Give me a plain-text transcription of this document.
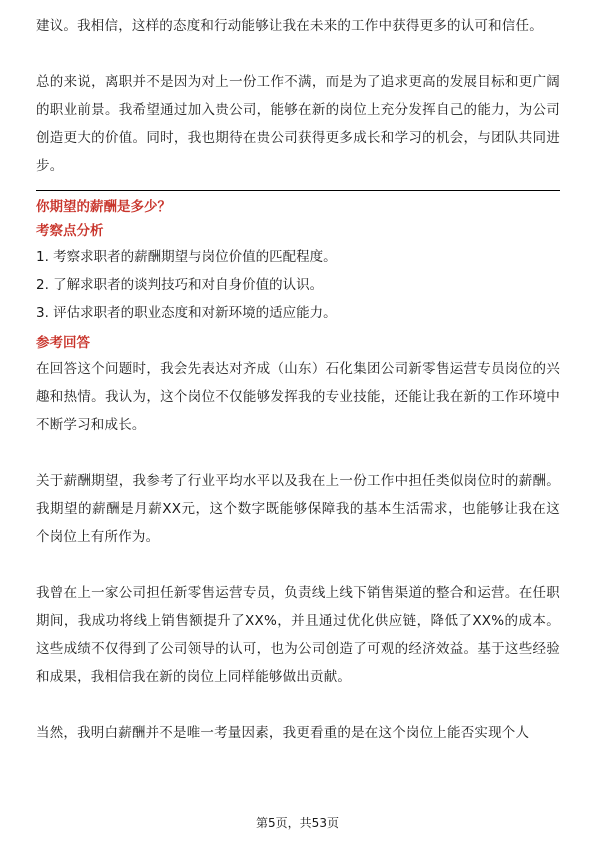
建议。我相信，这样的态度和行动能够让我在未来的工作中获得更多的认可和信任。

总的来说，离职并不是因为对上一份工作不满，而是为了追求更高的发展目标和更广阔的职业前景。我希望通过加入贵公司，能够在新的岗位上充分发挥自己的能力，为公司创造更大的价值。同时，我也期待在贵公司获得更多成长和学习的机会，与团队共同进步。

你期望的薪酬是多少？
考察点分析
1. 考察求职者的薪酬期望与岗位价值的匹配程度。
2. 了解求职者的谈判技巧和对自身价值的认识。
3. 评估求职者的职业态度和对新环境的适应能力。
参考回答

在回答这个问题时，我会先表达对齐成（山东）石化集团公司新零售运营专员岗位的兴趣和热情。我认为，这个岗位不仅能够发挥我的专业技能，还能让我在新的工作环境中不断学习和成长。

关于薪酬期望，我参考了行业平均水平以及我在上一份工作中担任类似岗位时的薪酬。我期望的薪酬是月薪XX元，这个数字既能够保障我的基本生活需求，也能够让我在这个岗位上有所作为。

我曾在上一家公司担任新零售运营专员，负责线上线下销售渠道的整合和运营。在任职期间，我成功将线上销售额提升了XX%，并且通过优化供应链，降低了XX%的成本。这些成绩不仅得到了公司领导的认可，也为公司创造了可观的经济效益。基于这些经验和成果，我相信我在新的岗位上同样能够做出贡献。

当然，我明白薪酬并不是唯一考量因素，我更看重的是在这个岗位上能否实现个人

第5页，共53页
